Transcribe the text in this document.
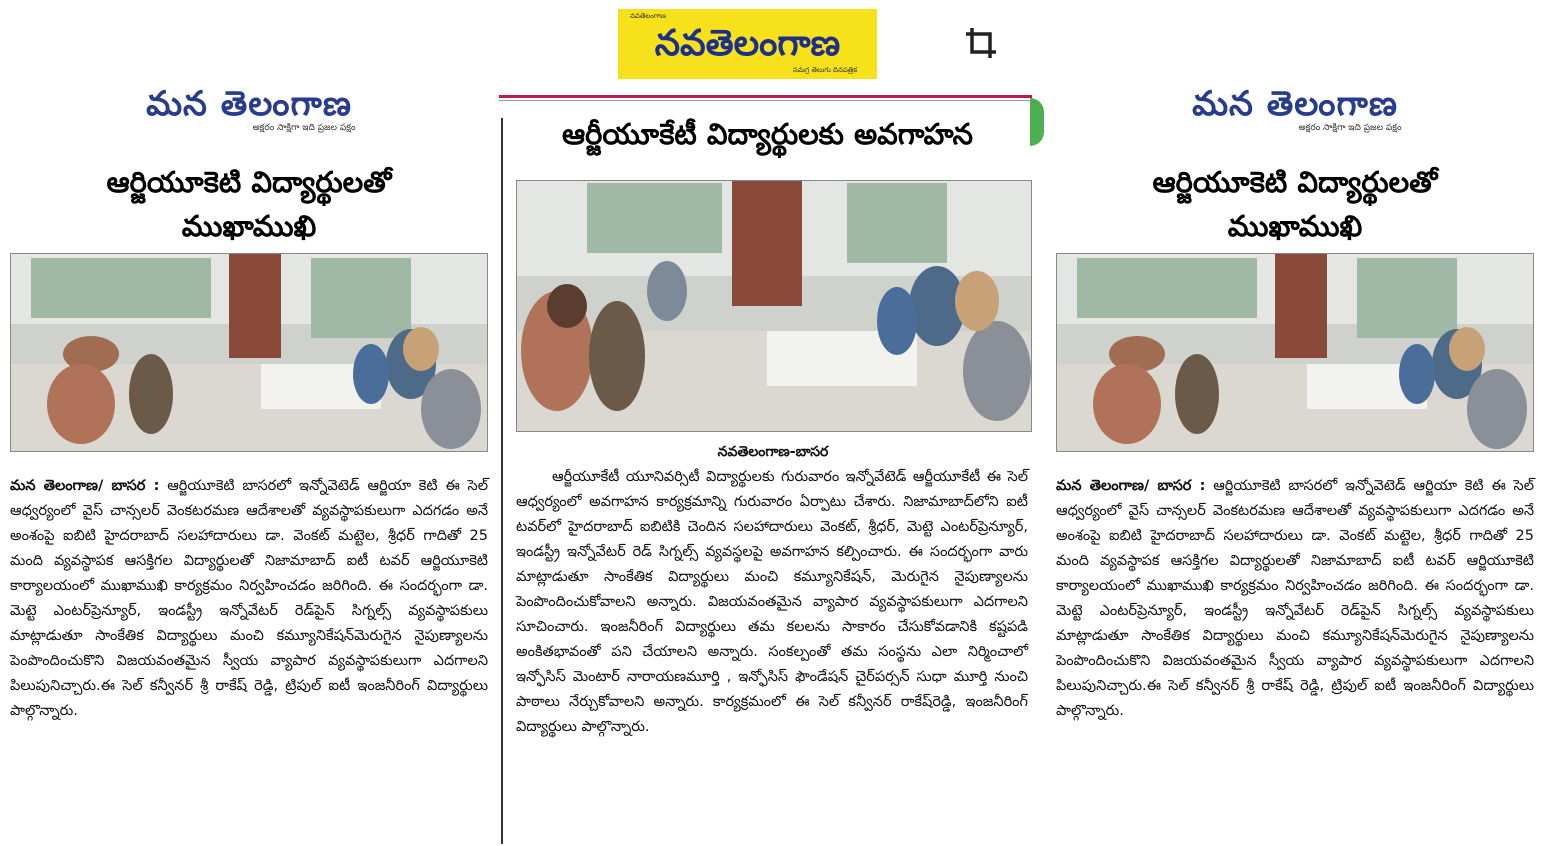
నవతెలంగాణ
నవతెలంగాణ
సమగ్ర తెలుగు దినపత్రిక
మన తెలంగాణ
అక్షరం సాక్షిగా ఇది ప్రజల పక్షం
ఆర్జియూకెటి విద్యార్థులతో
ముఖాముఖి
మన తెలంగాణ/ బాసర : ఆర్జియూకెటి బాసరలో ఇన్నోవెటెడ్ ఆర్జియా కెటి ఈ సెల్ ఆధ్వర్యంలో వైస్ చాన్సలర్ వెంకటరమణ ఆదేశాలతో వ్యవస్థాపకులుగా ఎదగడం అనే అంశంపై ఐబిటి హైదరాబాద్ సలహాదారులు డా. వెంకట్ మట్టెల, శ్రీధర్ గాదితో 25 మంది వ్యవస్థాపక ఆసక్తిగల విద్యార్థులతో నిజామాబాద్ ఐటీ టవర్ ఆర్జియూకెటి కార్యాలయంలో ముఖాముఖి కార్యక్రమం నిర్వహించడం జరిగింది. ఈ సందర్భంగా డా. మెట్టె ఎంటర్‌ప్రెన్యూర్, ఇండస్ట్రీ ఇన్నోవేటర్ రెడ్‌పైన్ సిగ్నల్స్ వ్యవస్థాపకులు మాట్లాడుతూ సాంకేతిక విద్యార్థులు మంచి కమ్యూనికేషన్‌మెరుగైన నైపుణ్యాలను పెంపొందించుకొని విజయవంతమైన స్వీయ వ్యాపార వ్యవస్థాపకులుగా ఎదగాలని పిలుపునిచ్చారు.ఈ సెల్ కన్వీనర్ శ్రీ రాకేష్ రెడ్డి, ట్రిపుల్ ఐటీ ఇంజనీరింగ్ విద్యార్థులు పాల్గొన్నారు.
ఆర్జీయూకేటీ విద్యార్థులకు అవగాహన
నవతెలంగాణ-బాసర
ఆర్జీయూకేటీ యూనివర్సిటీ విద్యార్థులకు గురువారం ఇన్నోవేటెడ్ ఆర్జీయూకేటీ ఈ సెల్ ఆధ్వర్యంలో అవగాహన కార్యక్రమాన్ని గురువారం ఏర్పాటు చేశారు. నిజామాబాద్‌లోని ఐటీ టవర్‌లో హైదరాబాద్ ఐబిటికి చెందిన సలహాదారులు వెంకట్, శ్రీధర్, మెట్టె ఎంటర్‌ప్రెన్యూర్, ఇండస్ట్రీ ఇన్నోవేటర్ రెడ్ సిగ్నల్స్ వ్యవస్థలపై అవగాహన కల్పించారు. ఈ సందర్భంగా వారు మాట్లాడుతూ సాంకేతిక విద్యార్థులు మంచి కమ్యూనికేషన్, మెరుగైన నైపుణ్యాలను పెంపొందించుకోవాలని అన్నారు. విజయవంతమైన వ్యాపార వ్యవస్థాపకులుగా ఎదగాలని సూచించారు. ఇంజనీరింగ్ విద్యార్థులు తమ కలలను సాకారం చేసుకోవడానికి కష్టపడి అంకితభావంతో పని చేయాలని అన్నారు. సంకల్పంతో తమ సంస్థను ఎలా నిర్మించాలో ఇన్ఫోసిస్ మెంటార్ నారాయణమూర్తి , ఇన్ఫోసిస్ ఫౌండేషన్ చైర్‌పర్సన్ సుధా మూర్తి నుంచి పాఠాలు నేర్చుకోవాలని అన్నారు. కార్యక్రమంలో ఈ సెల్ కన్వీనర్ రాకేష్‌రెడ్డి, ఇంజనీరింగ్ విద్యార్థులు పాల్గొన్నారు.
మన తెలంగాణ
అక్షరం సాక్షిగా ఇది ప్రజల పక్షం
ఆర్జియూకెటి విద్యార్థులతో
ముఖాముఖి
మన తెలంగాణ/ బాసర : ఆర్జియూకెటి బాసరలో ఇన్నోవెటెడ్ ఆర్జియా కెటి ఈ సెల్ ఆధ్వర్యంలో వైస్ చాన్సలర్ వెంకటరమణ ఆదేశాలతో వ్యవస్థాపకులుగా ఎదగడం అనే అంశంపై ఐబిటి హైదరాబాద్ సలహాదారులు డా. వెంకట్ మట్టెల, శ్రీధర్ గాదితో 25 మంది వ్యవస్థాపక ఆసక్తిగల విద్యార్థులతో నిజామాబాద్ ఐటీ టవర్ ఆర్జియూకెటి కార్యాలయంలో ముఖాముఖి కార్యక్రమం నిర్వహించడం జరిగింది. ఈ సందర్భంగా డా. మెట్టె ఎంటర్‌ప్రెన్యూర్, ఇండస్ట్రీ ఇన్నోవేటర్ రెడ్‌పైన్ సిగ్నల్స్ వ్యవస్థాపకులు మాట్లాడుతూ సాంకేతిక విద్యార్థులు మంచి కమ్యూనికేషన్‌మెరుగైన నైపుణ్యాలను పెంపొందించుకొని విజయవంతమైన స్వీయ వ్యాపార వ్యవస్థాపకులుగా ఎదగాలని పిలుపునిచ్చారు.ఈ సెల్ కన్వీనర్ శ్రీ రాకేష్ రెడ్డి, ట్రిపుల్ ఐటీ ఇంజనీరింగ్ విద్యార్థులు పాల్గొన్నారు.
